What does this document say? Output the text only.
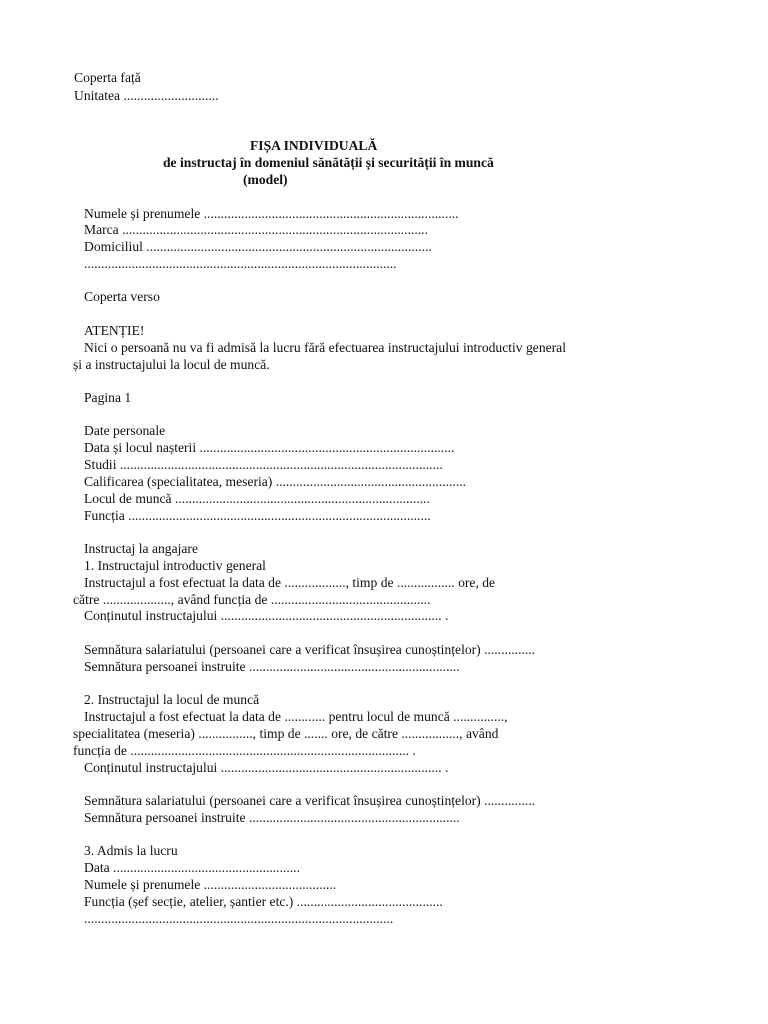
Coperta față
Unitatea ............................
FIȘA INDIVIDUALĂ
de instructaj în domeniul sănătății și securității în muncă
(model)
Numele și prenumele ...........................................................................
Marca ..........................................................................................
Domiciliul ....................................................................................
............................................................................................
Coperta verso
ATENȚIE!
Nici o persoană nu va fi admisă la lucru fără efectuarea instructajului introductiv general
și a instructajului la locul de muncă.
Pagina 1
Date personale
Data și locul nașterii ...........................................................................
Studii ...............................................................................................
Calificarea (specialitatea, meseria) ........................................................
Locul de muncă ...........................................................................
Funcția .........................................................................................
Instructaj la angajare
1. Instructajul introductiv general
Instructajul a fost efectuat la data de .................., timp de ................. ore, de
către ...................., având funcția de ...............................................
Conținutul instructajului ................................................................. .
Semnătura salariatului (persoanei care a verificat însușirea cunoștințelor) ...............
Semnătura persoanei instruite ..............................................................
2. Instructajul la locul de muncă
Instructajul a fost efectuat la data de ............ pentru locul de muncă ...............,
specialitatea (meseria) ................, timp de ....... ore, de către ................., având
funcția de .................................................................................. .
Conținutul instructajului ................................................................. .
Semnătura salariatului (persoanei care a verificat însușirea cunoștințelor) ...............
Semnătura persoanei instruite ..............................................................
3. Admis la lucru
Data .......................................................
Numele și prenumele .......................................
Funcția (șef secție, atelier, șantier etc.) ...........................................
...........................................................................................
